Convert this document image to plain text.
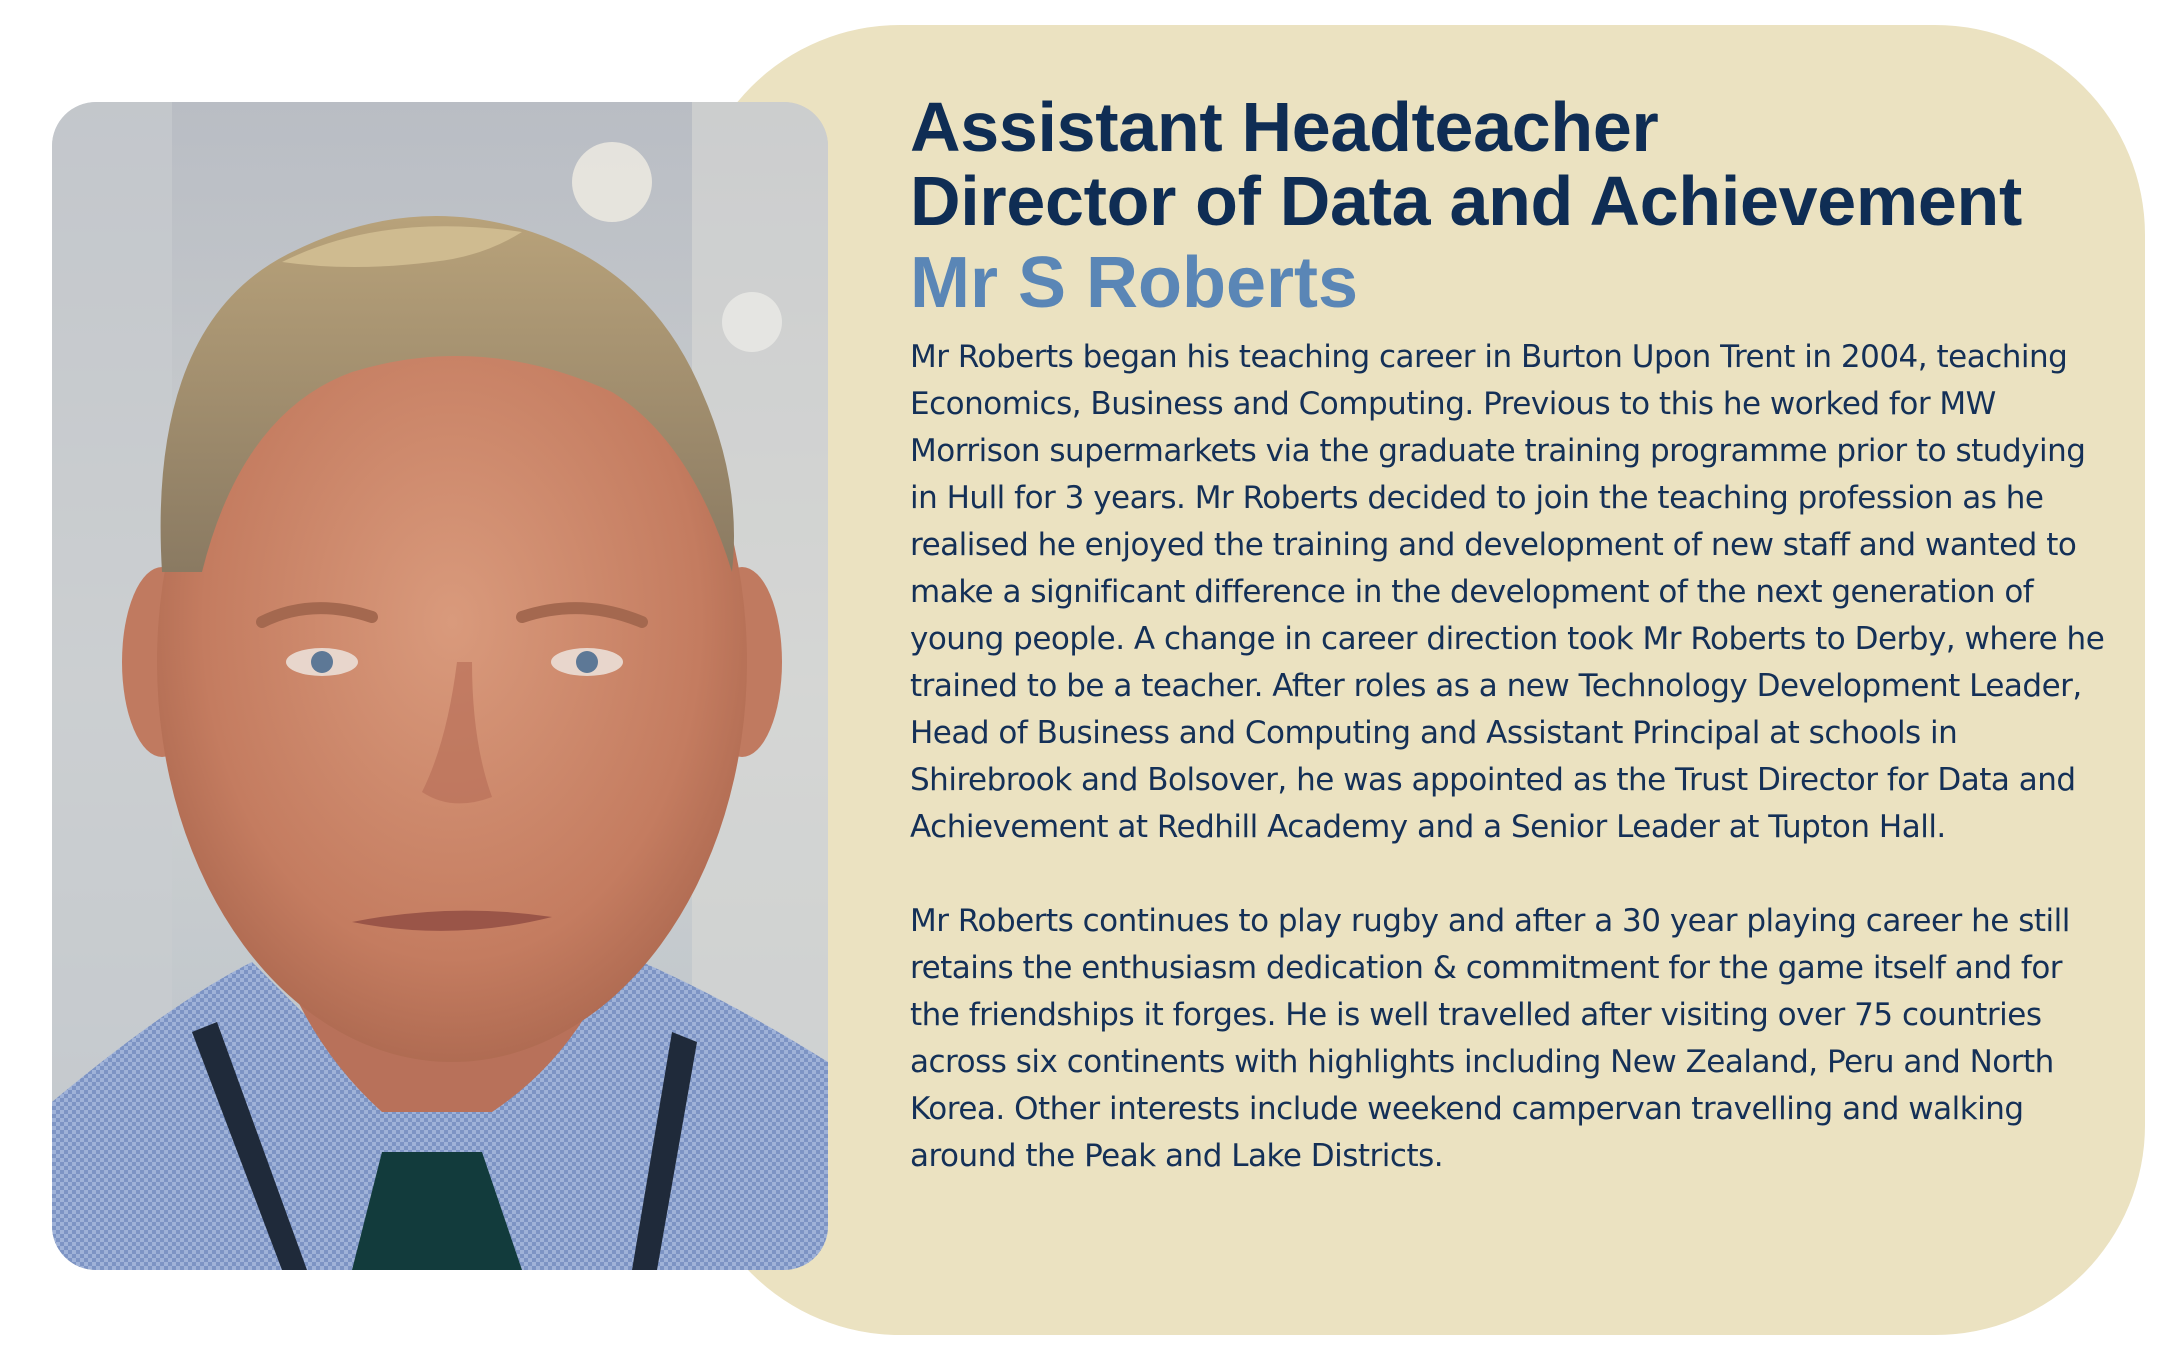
Assistant Headteacher
Director of Data and Achievement
Mr S Roberts

Mr Roberts began his teaching career in Burton Upon Trent in 2004, teaching Economics, Business and Computing. Previous to this he worked for MW Morrison supermarkets via the graduate training programme prior to studying in Hull for 3 years. Mr Roberts decided to join the teaching profession as he realised he enjoyed the training and development of new staff and wanted to make a significant difference in the development of the next generation of young people. A change in career direction took Mr Roberts to Derby, where he trained to be a teacher. After roles as a new Technology Development Leader, Head of Business and Computing and Assistant Principal at schools in Shirebrook and Bolsover, he was appointed as the Trust Director for Data and Achievement at Redhill Academy and a Senior Leader at Tupton Hall.

Mr Roberts continues to play rugby and after a 30 year playing career he still retains the enthusiasm dedication & commitment for the game itself and for the friendships it forges. He is well travelled after visiting over 75 countries across six continents with highlights including New Zealand, Peru and North Korea. Other interests include weekend campervan travelling and walking around the Peak and Lake Districts.
